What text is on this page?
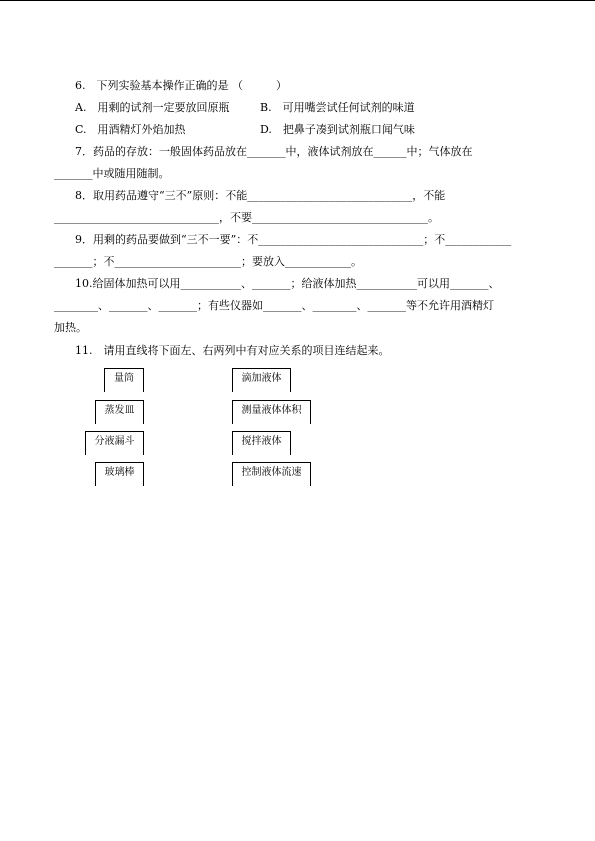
6.　下列实验基本操作正确的是 （　　　）
A.　用剩的试剂一定要放回原瓶	B.　可用嘴尝试任何试剂的味道
C.　用酒精灯外焰加热	D.　把鼻子凑到试剂瓶口闻气味
7．药品的存放：一般固体药品放在_______中，液体试剂放在______中；气体放在
_______中或随用随制。
8．取用药品遵守“三不”原则：不能______________________________，不能
______________________________，不要________________________________。
9．用剩的药品要做到“三不一要”：不______________________________；不____________
_______；不_______________________；要放入____________。
10.给固体加热可以用___________、_______；给液体加热___________可以用_______、
________、_______、_______；有些仪器如_______、________、_______等不允许用酒精灯
加热。
11.　请用直线将下面左、右两列中有对应关系的项目连结起来。
量筒
蒸发皿
分液漏斗
玻璃棒
滴加液体
测量液体体积
搅拌液体
控制液体流速
